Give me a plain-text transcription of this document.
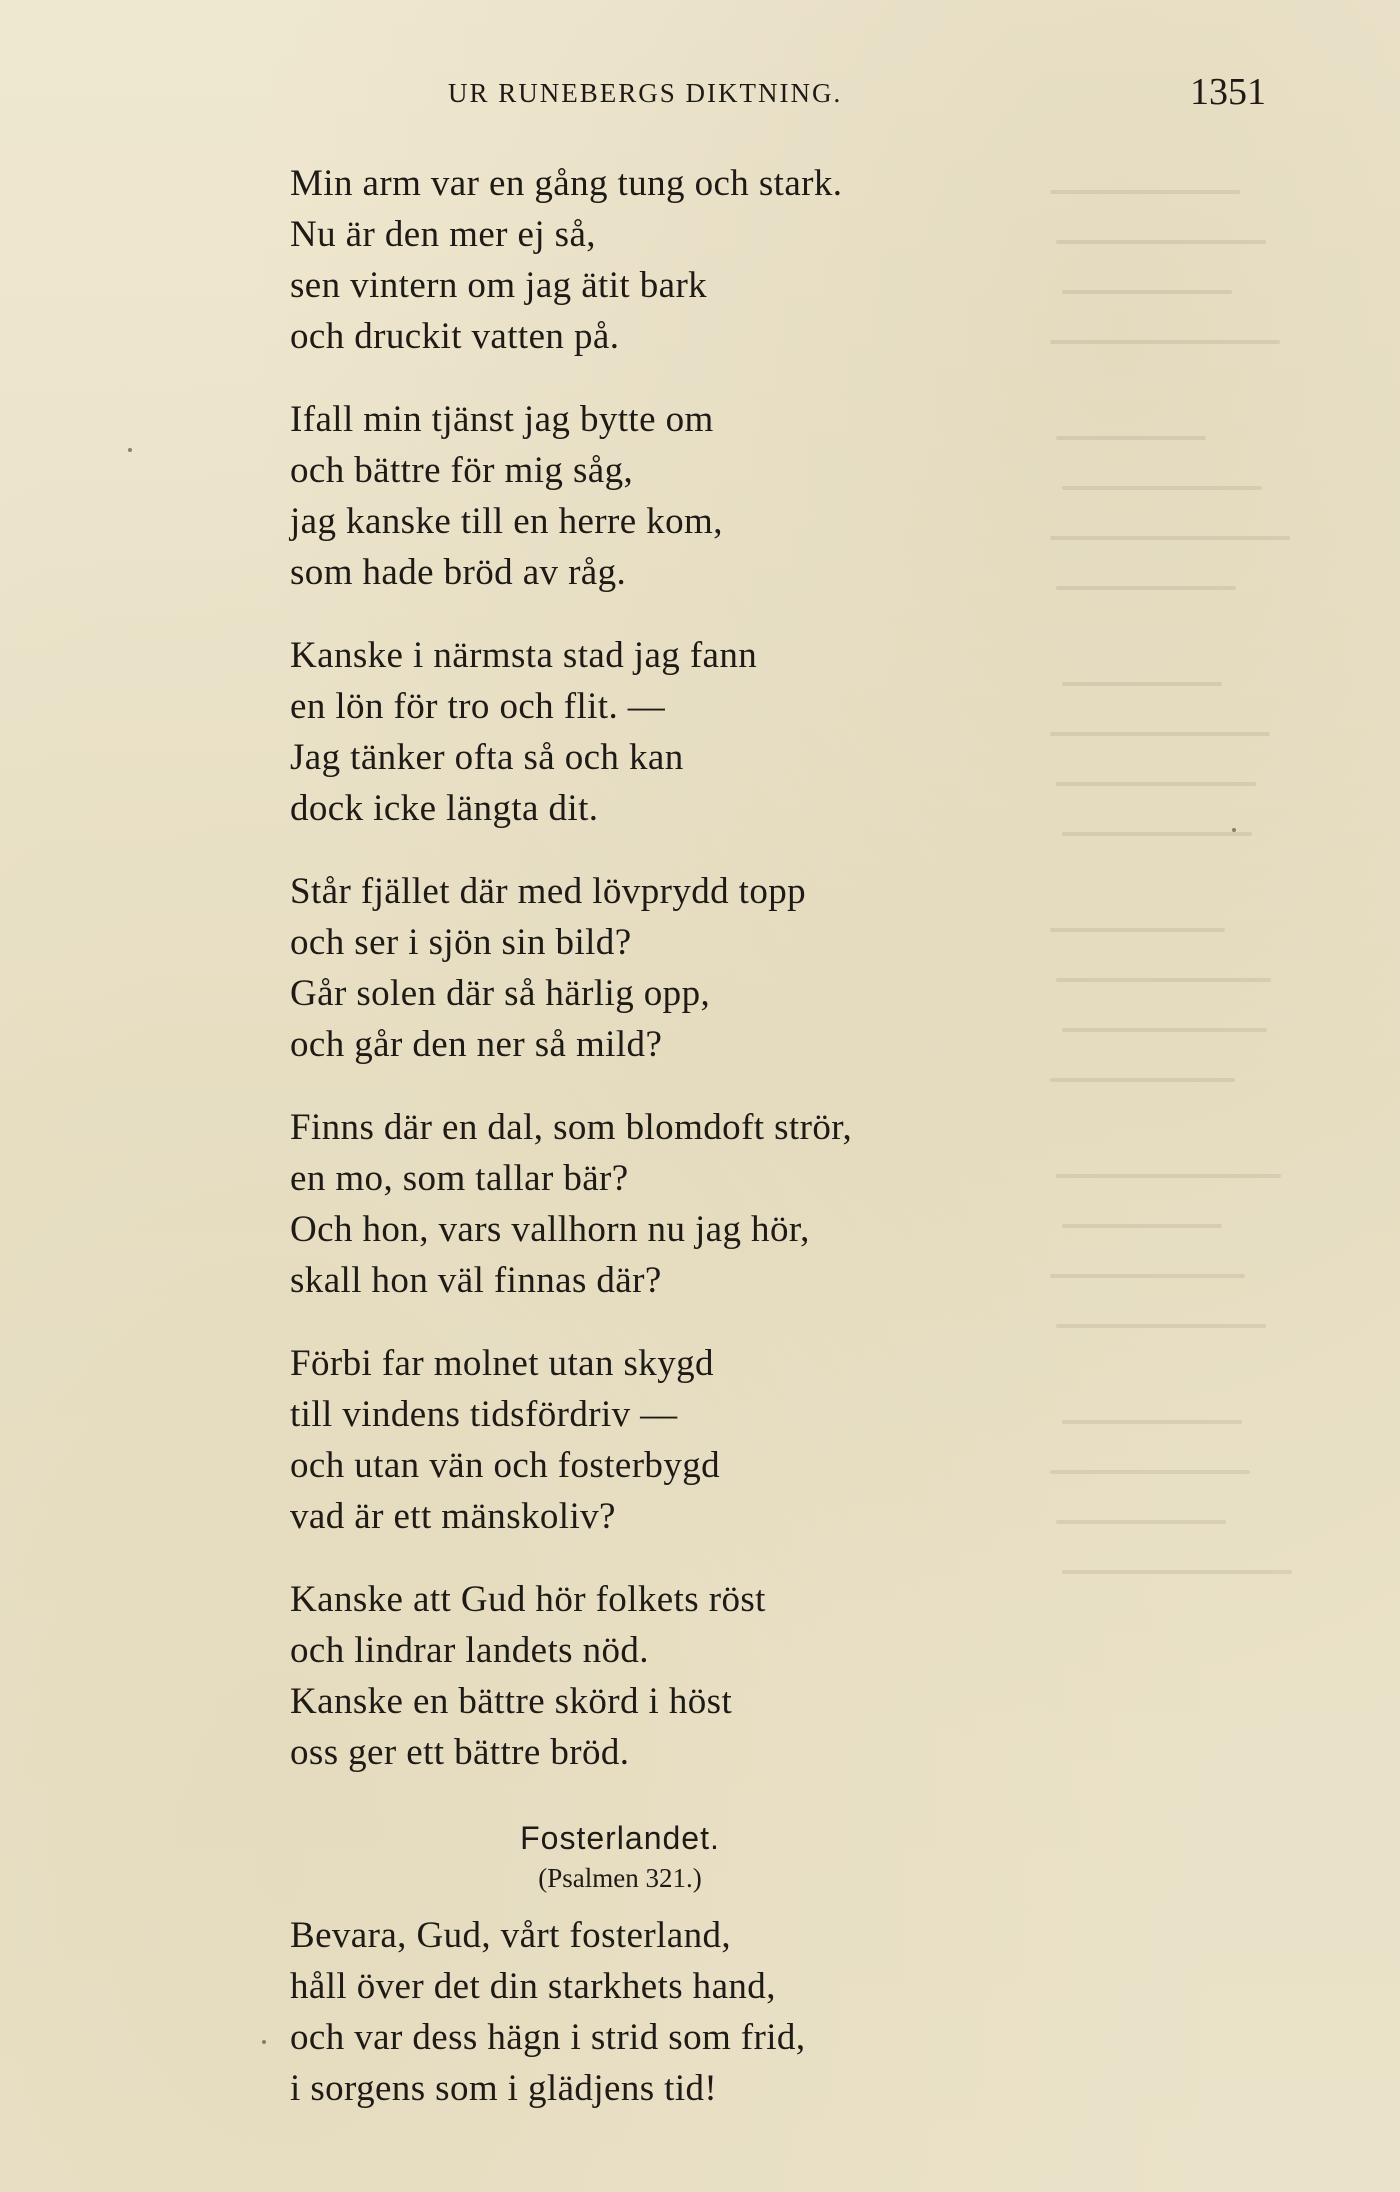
UR RUNEBERGS DIKTNING.	1351
Min arm var en gång tung och stark.
Nu är den mer ej så,
sen vintern om jag ätit bark
och druckit vatten på.
Ifall min tjänst jag bytte om
och bättre för mig såg,
jag kanske till en herre kom,
som hade bröd av råg.
Kanske i närmsta stad jag fann
en lön för tro och flit. —
Jag tänker ofta så och kan
dock icke längta dit.
Står fjället där med lövprydd topp
och ser i sjön sin bild?
Går solen där så härlig opp,
och går den ner så mild?
Finns där en dal, som blomdoft strör,
en mo, som tallar bär?
Och hon, vars vallhorn nu jag hör,
skall hon väl finnas där?
Förbi far molnet utan skygd
till vindens tidsfördriv —
och utan vän och fosterbygd
vad är ett mänskoliv?
Kanske att Gud hör folkets röst
och lindrar landets nöd.
Kanske en bättre skörd i höst
oss ger ett bättre bröd.
Fosterlandet.
(Psalmen 321.)
Bevara, Gud, vårt fosterland,
håll över det din starkhets hand,
och var dess hägn i strid som frid,
i sorgens som i glädjens tid!
